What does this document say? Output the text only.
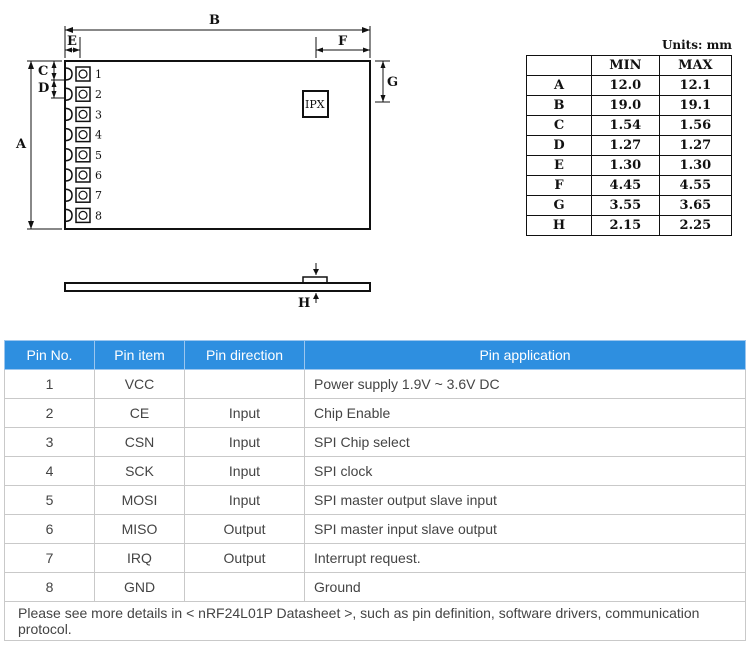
B
E	F
A
C
D	G
H
IPX
1
2
3
4
5
6
7
8
Units: mm
	MIN	MAX
A	12.0	12.1
B	19.0	19.1
C	1.54	1.56
D	1.27	1.27
E	1.30	1.30
F	4.45	4.55
G	3.55	3.65
H	2.15	2.25
Pin No.	Pin item	Pin direction	Pin application
1	VCC		Power supply 1.9V ~ 3.6V DC
2	CE	Input	Chip Enable
3	CSN	Input	SPI Chip select
4	SCK	Input	SPI clock
5	MOSI	Input	SPI master output slave input
6	MISO	Output	SPI master input slave output
7	IRQ	Output	Interrupt request.
8	GND		Ground
Please see more details in < nRF24L01P Datasheet >, such as pin definition, software drivers, communication protocol.			
